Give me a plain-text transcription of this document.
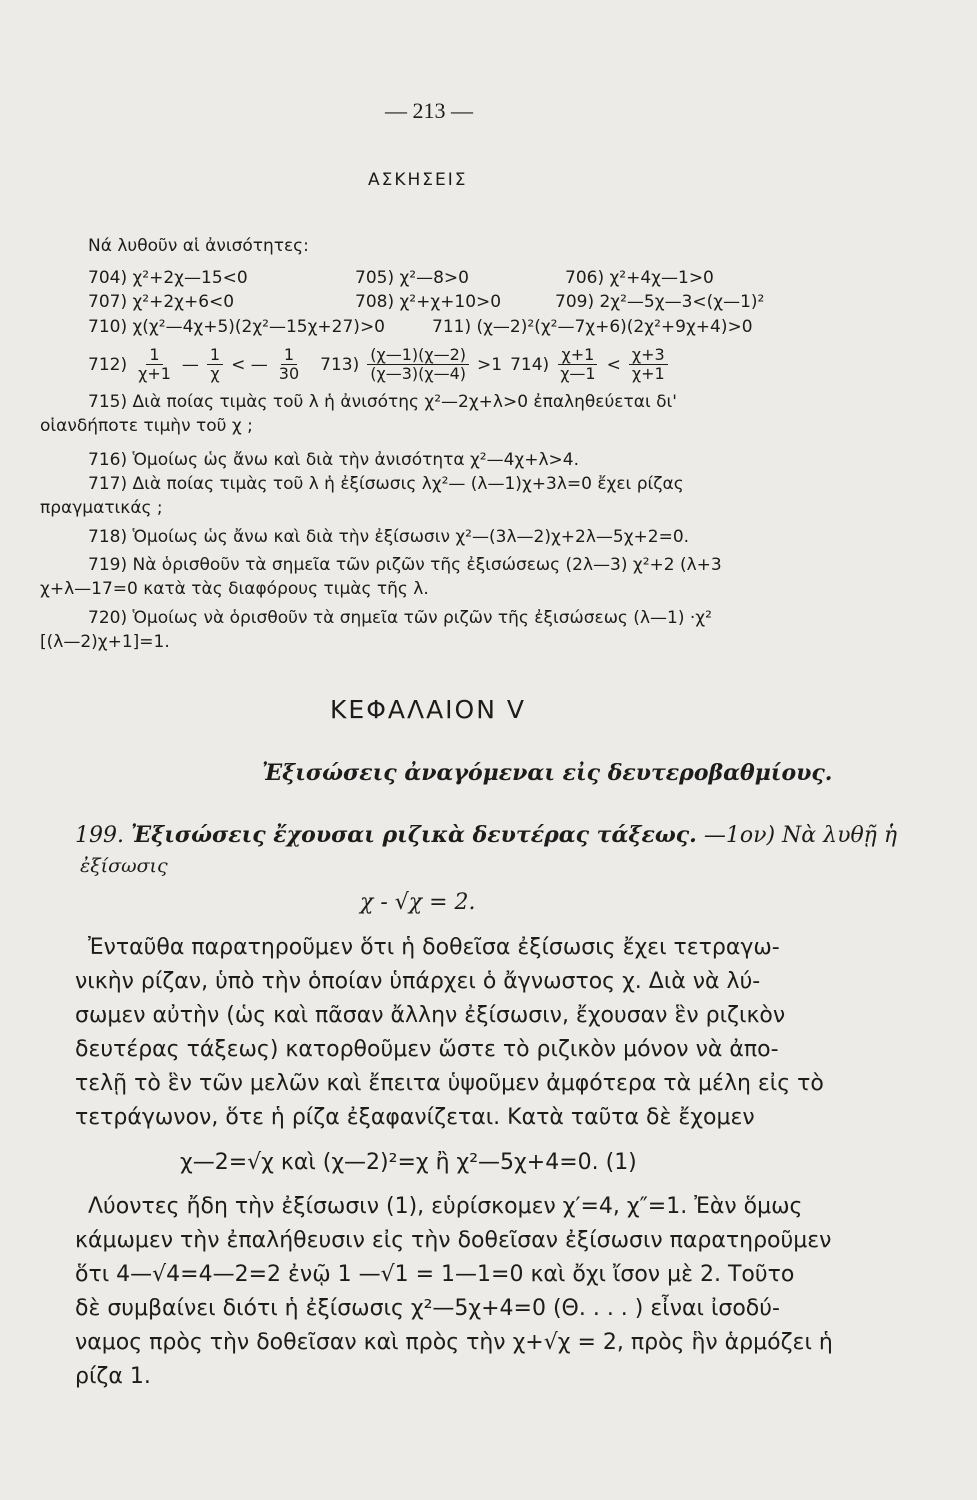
— 213 —
ΑΣΚΗΣΕΙΣ
Νά λυθοῦν αἱ ἀνισότητες:
704) χ²+2χ—15<0	705) χ²—8>0	706) χ²+4χ—1>0
707) χ²+2χ+6<0	708) χ²+χ+10>0	709) 2χ²—5χ—3<(χ—1)²
710) χ(χ²—4χ+5)(2χ²—15χ+27)>0	711) (χ—2)²(χ²—7χ+6)(2χ²+9χ+4)>0
$712) \frac{1}{\chi+1}$ — $\frac{1}{\chi}$ < — $\frac{1}{30} 713) \frac{(\chi—1)(\chi—2)}{(\chi—3)(\chi—4)} >1$ $714) \frac{\chi+1}{\chi—1} < \frac{\chi+3}{\chi+1}$
715) Διὰ ποίας τιμὰς τοῦ λ ἡ ἀνισότης χ²—2χ+λ>0 ἐπαληθεύεται δι'
οἱανδήποτε τιμὴν τοῦ χ ;
716) Ὁμοίως ὡς ἄνω καὶ διὰ τὴν ἀνισότητα χ²—4χ+λ>4.
717) Διὰ ποίας τιμὰς τοῦ λ ἡ ἐξίσωσις λχ²— (λ—1)χ+3λ=0 ἔχει ρίζας
πραγματικάς ;
718) Ὁμοίως ὡς ἄνω καὶ διὰ τὴν ἐξίσωσιν χ²—(3λ—2)χ+2λ—5χ+2=0.
719) Νὰ ὁρισθοῦν τὰ σημεῖα τῶν ριζῶν τῆς ἐξισώσεως (2λ—3) χ²+2 (λ+3
χ+λ—17=0 κατὰ τὰς διαφόρους τιμὰς τῆς λ.
720) Ὁμοίως νὰ ὁρισθοῦν τὰ σημεῖα τῶν ριζῶν τῆς ἐξισώσεως (λ—1) ·χ²
[(λ—2)χ+1]=1.
ΚΕΦΑΛΑΙΟΝ V
Ἐξισώσεις ἀναγόμεναι εἰς δευτεροβαθμίους.
199. Ἐξισώσεις ἔχουσαι ριζικὰ δευτέρας τάξεως. —1ον) Νὰ λυθῇ ἡ
ἐξίσωσις
χ - √χ = 2.
Ἐνταῦθα παρατηροῦμεν ὅτι ἡ δοθεῖσα ἐξίσωσις ἔχει τετραγω-
νικὴν ρίζαν, ὑπὸ τὴν ὁποίαν ὑπάρχει ὁ ἄγνωστος χ. Διὰ νὰ λύ-
σωμεν αὐτὴν (ὡς καὶ πᾶσαν ἄλλην ἐξίσωσιν, ἔχουσαν ἓν ριζικὸν
δευτέρας τάξεως) κατορθοῦμεν ὥστε τὸ ριζικὸν μόνον νὰ ἀπο-
τελῇ τὸ ἓν τῶν μελῶν καὶ ἔπειτα ὑψοῦμεν ἀμφότερα τὰ μέλη εἰς τὸ
τετράγωνον, ὅτε ἡ ρίζα ἐξαφανίζεται. Κατὰ ταῦτα δὲ ἔχομεν
χ—2=√χ καὶ (χ—2)²=χ ἢ χ²—5χ+4=0. (1)
Λύοντες ἤδη τὴν ἐξίσωσιν (1), εὑρίσκομεν χ′=4, χ″=1. Ἐὰν ὅμως
κάμωμεν τὴν ἐπαλήθευσιν εἰς τὴν δοθεῖσαν ἐξίσωσιν παρατηροῦμεν
ὅτι 4—√4=4—2=2 ἐνῷ 1 —√1 = 1—1=0 καὶ ὄχι ἴσον μὲ 2. Τοῦτο
δὲ συμβαίνει διότι ἡ ἐξίσωσις χ²—5χ+4=0 (Θ. . . . ) εἶναι ἰσοδύ-
ναμος πρὸς τὴν δοθεῖσαν καὶ πρὸς τὴν χ+√χ = 2, πρὸς ἣν ἁρμόζει ἡ
ρίζα 1.
